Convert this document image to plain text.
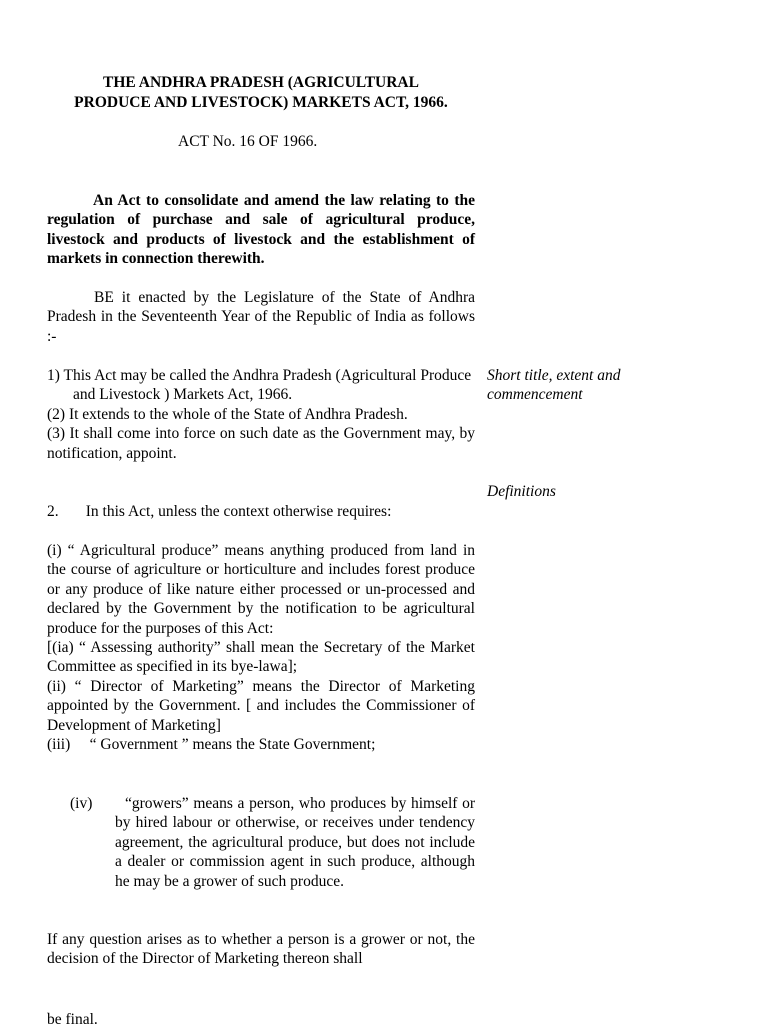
THE ANDHRA PRADESH (AGRICULTURAL
PRODUCE AND LIVESTOCK) MARKETS ACT, 1966.
ACT No. 16 OF 1966.
An Act to consolidate and amend the law relating to the regulation of purchase and sale of agricultural produce, livestock and products of livestock and the establishment of markets in connection therewith.
BE it enacted by the Legislature of the State of Andhra Pradesh in the Seventeenth Year of the Republic of India as follows :-
1) This Act may be called the Andhra Pradesh (Agricultural Produce and Livestock ) Markets Act, 1966.
(2) It extends to the whole of the State of Andhra Pradesh.
(3) It shall come into force on such date as the Government may, by notification, appoint.
Short title, extent and commencement
Definitions
2.       In this Act, unless the context otherwise requires:
(i) “ Agricultural produce” means anything produced from land in the course of agriculture or horticulture and includes forest produce or any produce of like nature either processed or un-processed and declared by the Government by the notification to be agricultural produce for the purposes of this Act:
[(ia) “ Assessing authority” shall mean the Secretary of the Market Committee as specified in its bye-lawa];
(ii) “ Director of Marketing” means the Director of Marketing appointed by the Government. [ and includes the Commissioner of Development of Marketing]
(iii)     “ Government ” means the State Government;
(iv)	“growers” means a person, who produces by himself or by hired labour or otherwise, or receives under tendency agreement, the agricultural produce, but does not include a dealer or commission agent in such produce, although he may be a grower of such produce.
If any question arises as to whether a person is a grower or not, the decision of the Director of Marketing thereon shall
be final.
